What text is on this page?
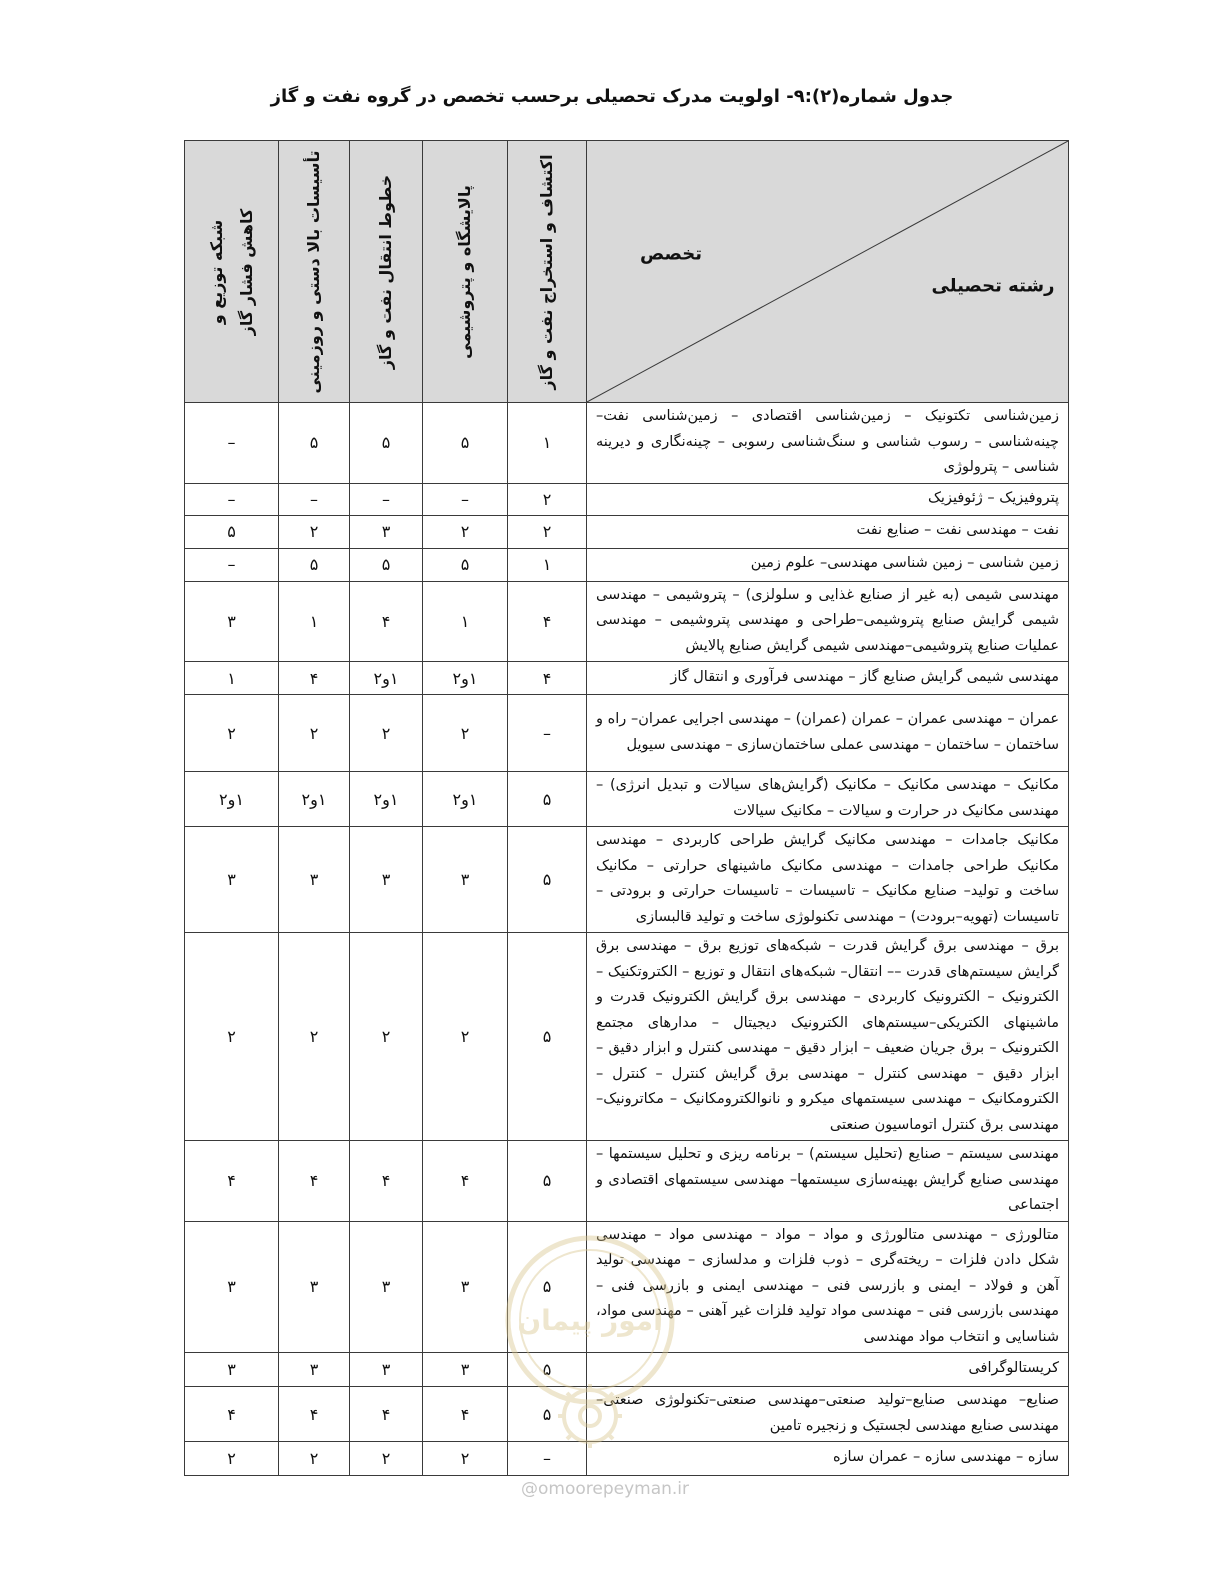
جدول شماره(۲):۹- اولویت مدرک تحصیلی برحسب تخصص در گروه نفت و گاز
تخصص
رشته تحصیلی	اکتشاف و استخراج نفت و گاز	پالایشگاه و پتروشیمی	خطوط انتقال نفت و گاز	تأسیسات بالا دستی و روزمینی	شبکه توزیع و کاهش فشار گاز

زمین‌شناسی تکتونیک – زمین‌شناسی اقتصادی – زمین‌شناسی نفت– چینه‌شناسی – رسوب شناسی و سنگ‌شناسی رسوبی – چینه‌نگاری و دیرینه شناسی – پترولوژی	۱	۵	۵	۵	–
پتروفیزیک – ژئوفیزیک	۲	–	–	–	–
نفت – مهندسی نفت – صنایع نفت	۲	۲	۳	۲	۵
زمین شناسی – زمین شناسی مهندسی– علوم زمین	۱	۵	۵	۵	–
مهندسی شیمی (به غیر از صنایع غذایی و سلولزی) – پتروشیمی – مهندسی شیمی گرایش صنایع پتروشیمی–طراحی و مهندسی پتروشیمی – مهندسی عملیات صنایع پتروشیمی–مهندسی شیمی گرایش صنایع پالایش	۴	۱	۴	۱	۳
مهندسی شیمی گرایش صنایع گاز – مهندسی فرآوری و انتقال گاز	۴	۱و۲	۱و۲	۴	۱
عمران – مهندسی عمران – عمران (عمران) – مهندسی اجرایی عمران– راه و ساختمان – ساختمان – مهندسی عملی ساختمان‌سازی – مهندسی سیویل	–	۲	۲	۲	۲
مکانیک – مهندسی مکانیک – مکانیک (گرایش‌های سیالات و تبدیل انرژی) – مهندسی مکانیک در حرارت و سیالات – مکانیک سیالات	۵	۱و۲	۱و۲	۱و۲	۱و۲
مکانیک جامدات – مهندسی مکانیک گرایش طراحی کاربردی – مهندسی مکانیک طراحی جامدات – مهندسی مکانیک ماشینهای حرارتی – مکانیک ساخت و تولید– صنایع مکانیک – تاسیسات – تاسیسات حرارتی و برودتی – تاسیسات (تهویه–برودت) – مهندسی تکنولوژی ساخت و تولید قالبسازی	۵	۳	۳	۳	۳
برق – مهندسی برق گرایش قدرت – شبکه‌های توزیع برق – مهندسی برق گرایش سیستم‌های قدرت –– انتقال– شبکه‌های انتقال و توزیع – الکتروتکنیک – الکترونیک – الکترونیک کاربردی – مهندسی برق گرایش الکترونیک قدرت و ماشینهای الکتریکی–سیستم‌های الکترونیک دیجیتال – مدارهای مجتمع الکترونیک – برق جریان ضعیف – ابزار دقیق – مهندسی کنترل و ابزار دقیق – ابزار دقیق – مهندسی کنترل – مهندسی برق گرایش کنترل – کنترل – الکترومکانیک – مهندسی سیستمهای میکرو و نانوالکترومکانیک – مکاترونیک– مهندسی برق کنترل اتوماسیون صنعتی	۵	۲	۲	۲	۲
مهندسی سیستم – صنایع (تحلیل سیستم) – برنامه ریزی و تحلیل سیستمها – مهندسی صنایع گرایش بهینه‌سازی سیستمها– مهندسی سیستمهای اقتصادی و اجتماعی	۵	۴	۴	۴	۴
متالورژی – مهندسی متالورژی و مواد – مواد – مهندسی مواد – مهندسی شکل دادن فلزات – ریخته‌گری – ذوب فلزات و مدلسازی – مهندسی تولید آهن و فولاد – ایمنی و بازرسی فنی – مهندسی ایمنی و بازرسی فنی – مهندسی بازرسی فنی – مهندسی مواد تولید فلزات غیر آهنی – مهندسی مواد، شناسایی و انتخاب مواد مهندسی	۵	۳	۳	۳	۳
کریستالوگرافی	۵	۳	۳	۳	۳
صنایع– مهندسی صنایع–تولید صنعتی–مهندسی صنعتی–تکنولوژی صنعتی– مهندسی صنایع مهندسی لجستیک و زنجیره تامین	۵	۴	۴	۴	۴
سازه – مهندسی سازه – عمران سازه	–	۲	۲	۲	۲
امور پیمان
@omoorepeyman.ir
